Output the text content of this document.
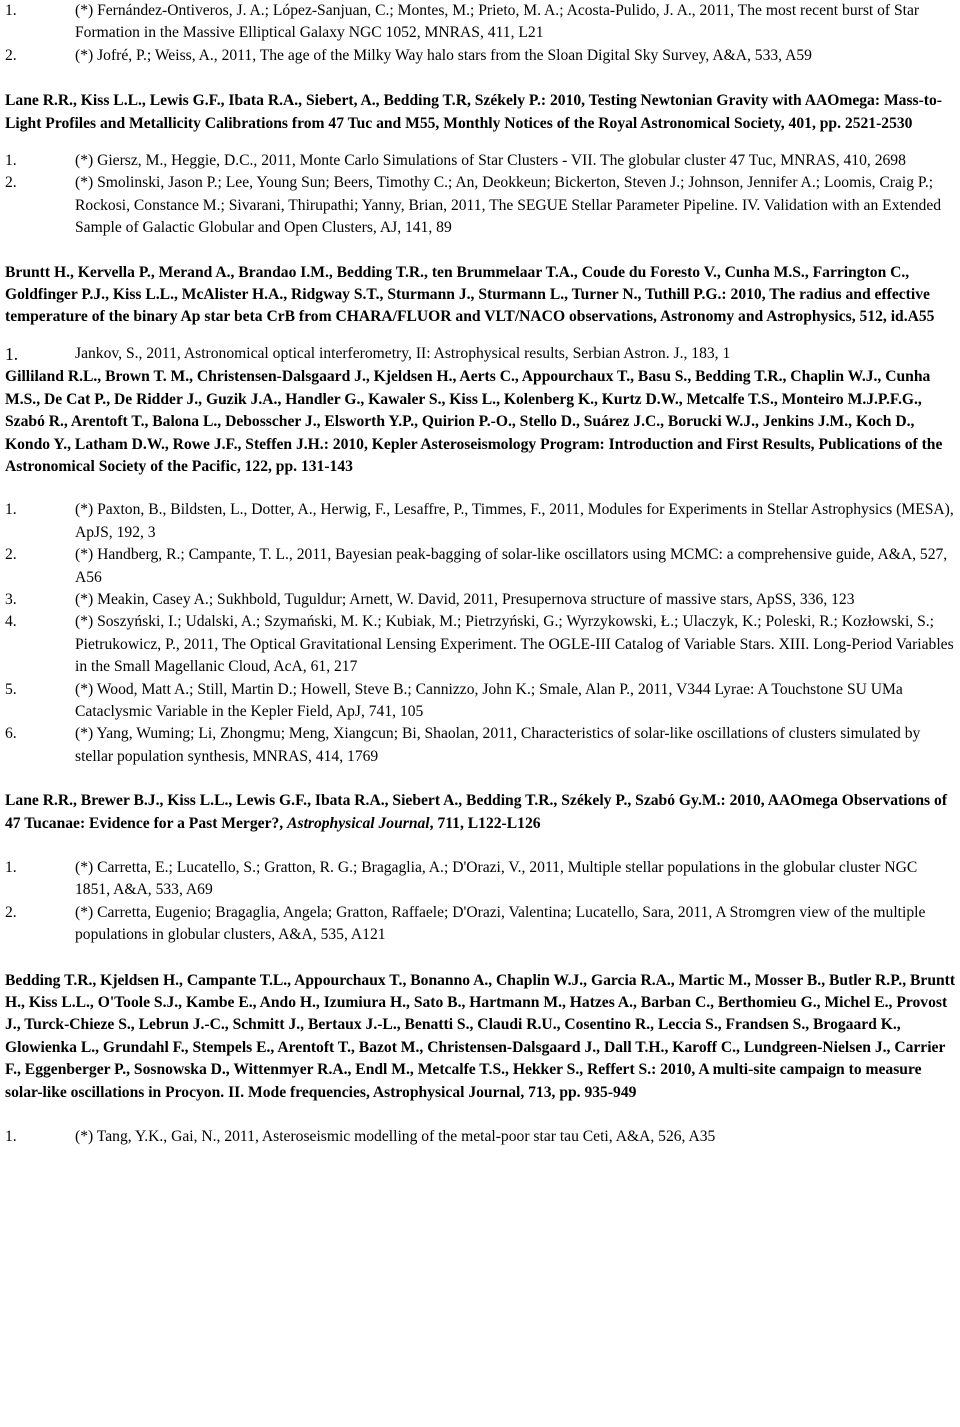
1.	(*) Fernández-Ontiveros, J. A.; López-Sanjuan, C.; Montes, M.; Prieto, M. A.; Acosta-Pulido, J. A., 2011, The most recent burst of Star Formation in the Massive Elliptical Galaxy NGC 1052, MNRAS, 411, L21
2.	(*) Jofré, P.; Weiss, A., 2011, The age of the Milky Way halo stars from the Sloan Digital Sky Survey, A&A, 533, A59

Lane R.R., Kiss L.L., Lewis G.F., Ibata R.A., Siebert, A., Bedding T.R, Székely P.: 2010, Testing Newtonian Gravity with AAOmega: Mass-to-Light Profiles and Metallicity Calibrations from 47 Tuc and M55, Monthly Notices of the Royal Astronomical Society, 401, pp. 2521-2530

1.	(*) Giersz, M., Heggie, D.C., 2011, Monte Carlo Simulations of Star Clusters - VII. The globular cluster 47 Tuc, MNRAS, 410, 2698
2.	(*) Smolinski, Jason P.; Lee, Young Sun; Beers, Timothy C.; An, Deokkeun; Bickerton, Steven J.; Johnson, Jennifer A.; Loomis, Craig P.; Rockosi, Constance M.; Sivarani, Thirupathi; Yanny, Brian, 2011, The SEGUE Stellar Parameter Pipeline. IV. Validation with an Extended Sample of Galactic Globular and Open Clusters, AJ, 141, 89

Bruntt H., Kervella P., Merand A., Brandao I.M., Bedding T.R., ten Brummelaar T.A., Coude du Foresto V., Cunha M.S., Farrington C., Goldfinger P.J., Kiss L.L., McAlister H.A., Ridgway S.T., Sturmann J., Sturmann L., Turner N., Tuthill P.G.: 2010, The radius and effective temperature of the binary Ap star beta CrB from CHARA/FLUOR and VLT/NACO observations, Astronomy and Astrophysics, 512, id.A55

1.	Jankov, S., 2011, Astronomical optical interferometry, II: Astrophysical results, Serbian Astron. J., 183, 1

Gilliland R.L., Brown T. M., Christensen-Dalsgaard J., Kjeldsen H., Aerts C., Appourchaux T., Basu S., Bedding T.R., Chaplin W.J., Cunha M.S., De Cat P., De Ridder J., Guzik J.A., Handler G., Kawaler S., Kiss L., Kolenberg K., Kurtz D.W., Metcalfe T.S., Monteiro M.J.P.F.G., Szabó R., Arentoft T., Balona L., Debosscher J., Elsworth Y.P., Quirion P.-O., Stello D., Suárez J.C., Borucki W.J., Jenkins J.M., Koch D., Kondo Y., Latham D.W., Rowe J.F., Steffen J.H.: 2010, Kepler Asteroseismology Program: Introduction and First Results, Publications of the Astronomical Society of the Pacific, 122, pp. 131-143

1.	(*) Paxton, B., Bildsten, L., Dotter, A., Herwig, F., Lesaffre, P., Timmes, F., 2011, Modules for Experiments in Stellar Astrophysics (MESA), ApJS, 192, 3
2.	(*) Handberg, R.; Campante, T. L., 2011, Bayesian peak-bagging of solar-like oscillators using MCMC: a comprehensive guide, A&A, 527, A56
3.	(*) Meakin, Casey A.; Sukhbold, Tuguldur; Arnett, W. David, 2011, Presupernova structure of massive stars, ApSS, 336, 123
4.	(*) Soszyński, I.; Udalski, A.; Szymański, M. K.; Kubiak, M.; Pietrzyński, G.; Wyrzykowski, Ł.; Ulaczyk, K.; Poleski, R.; Kozłowski, S.; Pietrukowicz, P., 2011, The Optical Gravitational Lensing Experiment. The OGLE-III Catalog of Variable Stars. XIII. Long-Period Variables in the Small Magellanic Cloud, AcA, 61, 217
5.	(*) Wood, Matt A.; Still, Martin D.; Howell, Steve B.; Cannizzo, John K.; Smale, Alan P., 2011, V344 Lyrae: A Touchstone SU UMa Cataclysmic Variable in the Kepler Field, ApJ, 741, 105
6.	(*) Yang, Wuming; Li, Zhongmu; Meng, Xiangcun; Bi, Shaolan, 2011, Characteristics of solar-like oscillations of clusters simulated by stellar population synthesis, MNRAS, 414, 1769

Lane R.R., Brewer B.J., Kiss L.L., Lewis G.F., Ibata R.A., Siebert A., Bedding T.R., Székely P., Szabó Gy.M.: 2010, AAOmega Observations of 47 Tucanae: Evidence for a Past Merger?, Astrophysical Journal, 711, L122-L126

1.	(*) Carretta, E.; Lucatello, S.; Gratton, R. G.; Bragaglia, A.; D'Orazi, V., 2011, Multiple stellar populations in the globular cluster NGC 1851, A&A, 533, A69
2.	(*) Carretta, Eugenio; Bragaglia, Angela; Gratton, Raffaele; D'Orazi, Valentina; Lucatello, Sara, 2011, A Stromgren view of the multiple populations in globular clusters, A&A, 535, A121

Bedding T.R., Kjeldsen H., Campante T.L., Appourchaux T., Bonanno A., Chaplin W.J., Garcia R.A., Martic M., Mosser B., Butler R.P., Bruntt H., Kiss L.L., O'Toole S.J., Kambe E., Ando H., Izumiura H., Sato B., Hartmann M., Hatzes A., Barban C., Berthomieu G., Michel E., Provost J., Turck-Chieze S., Lebrun J.-C., Schmitt J., Bertaux J.-L., Benatti S., Claudi R.U., Cosentino R., Leccia S., Frandsen S., Brogaard K., Glowienka L., Grundahl F., Stempels E., Arentoft T., Bazot M., Christensen-Dalsgaard J., Dall T.H., Karoff C., Lundgreen-Nielsen J., Carrier F., Eggenberger P., Sosnowska D., Wittenmyer R.A., Endl M., Metcalfe T.S., Hekker S., Reffert S.: 2010, A multi-site campaign to measure solar-like oscillations in Procyon. II. Mode frequencies, Astrophysical Journal, 713, pp. 935-949

1.	(*) Tang, Y.K., Gai, N., 2011, Asteroseismic modelling of the metal-poor star tau Ceti, A&A, 526, A35
